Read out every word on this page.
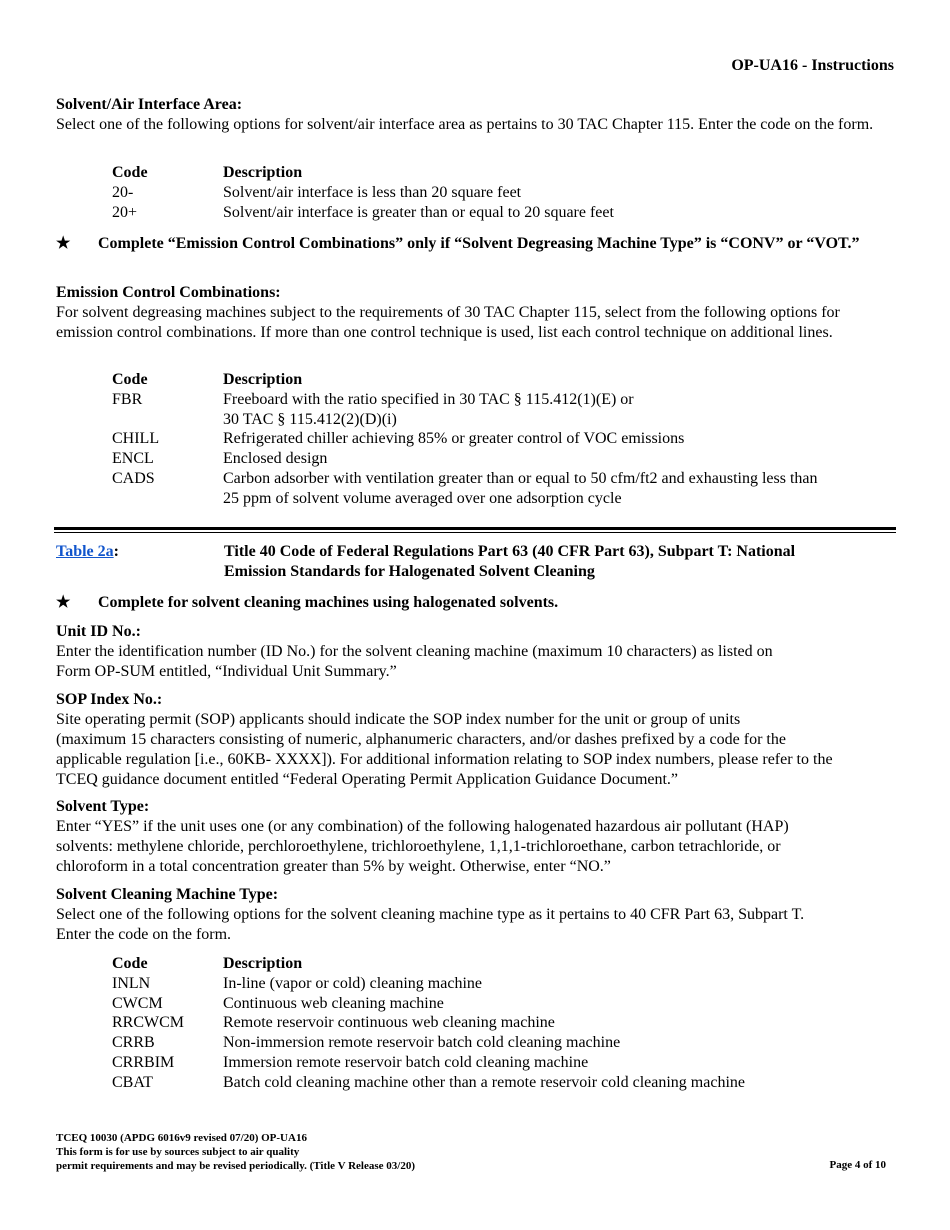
OP-UA16 - Instructions
Solvent/Air Interface Area:

Select one of the following options for solvent/air interface area as pertains to 30 TAC Chapter 115. Enter the code on the form.

Code	Description
20-	Solvent/air interface is less than 20 square feet
20+	Solvent/air interface is greater than or equal to 20 square feet
★ Complete “Emission Control Combinations” only if “Solvent Degreasing Machine Type” is “CONV” or “VOT.”
Emission Control Combinations:

For solvent degreasing machines subject to the requirements of 30 TAC Chapter 115, select from the following options for emission control combinations. If more than one control technique is used, list each control technique on additional lines.

Code	Description
FBR	Freeboard with the ratio specified in 30 TAC § 115.412(1)(E) or
30 TAC § 115.412(2)(D)(i)

CHILL	Refrigerated chiller achieving 85% or greater control of VOC emissions
ENCL	Enclosed design
CADS	Carbon adsorber with ventilation greater than or equal to 50 cfm/ft2 and exhausting less than
25 ppm of solvent volume averaged over one adsorption cycle
Table 2a:	Title 40 Code of Federal Regulations Part 63 (40 CFR Part 63), Subpart T: National
Emission Standards for Halogenated Solvent Cleaning
★ Complete for solvent cleaning machines using halogenated solvents.
Unit ID No.:

Enter the identification number (ID No.) for the solvent cleaning machine (maximum 10 characters) as listed on

Form OP-SUM entitled, “Individual Unit Summary.”

SOP Index No.:

Site operating permit (SOP) applicants should indicate the SOP index number for the unit or group of units

(maximum 15 characters consisting of numeric, alphanumeric characters, and/or dashes prefixed by a code for the

applicable regulation [i.e., 60KB- XXXX]). For additional information relating to SOP index numbers, please refer to the

TCEQ guidance document entitled “Federal Operating Permit Application Guidance Document.”

Solvent Type:

Enter “YES” if the unit uses one (or any combination) of the following halogenated hazardous air pollutant (HAP)

solvents: methylene chloride, perchloroethylene, trichloroethylene, 1,1,1-trichloroethane, carbon tetrachloride, or

chloroform in a total concentration greater than 5% by weight. Otherwise, enter “NO.”

Solvent Cleaning Machine Type:

Select one of the following options for the solvent cleaning machine type as it pertains to 40 CFR Part 63, Subpart T.

Enter the code on the form.

Code	Description
INLN	In-line (vapor or cold) cleaning machine
CWCM	Continuous web cleaning machine
RRCWCM	Remote reservoir continuous web cleaning machine
CRRB	Non-immersion remote reservoir batch cold cleaning machine
CRRBIM	Immersion remote reservoir batch cold cleaning machine
CBAT	Batch cold cleaning machine other than a remote reservoir cold cleaning machine
TCEQ 10030 (APDG 6016v9 revised 07/20) OP-UA16
This form is for use by sources subject to air quality
permit requirements and may be revised periodically. (Title V Release 03/20)	Page 4 of 10
